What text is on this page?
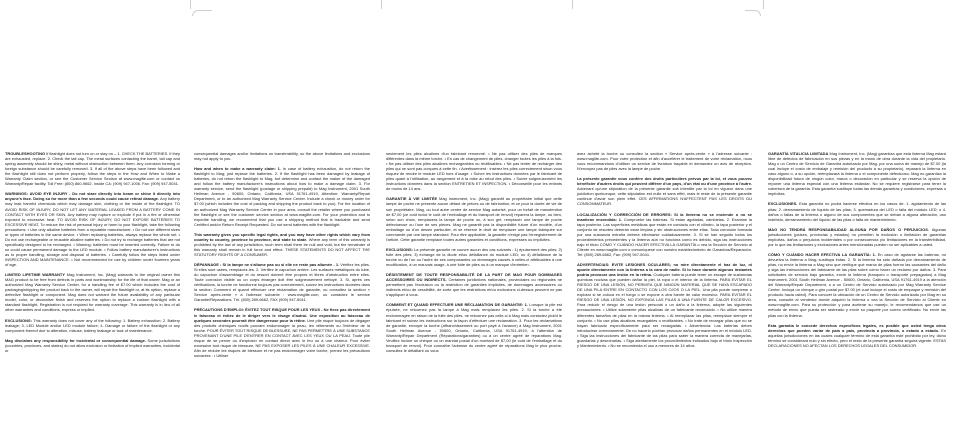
TROUBLESHOOTING If flashlight does not turn on or stay on – 1. CHECK THE BATTERIES. If they are exhausted, replace. 2. Check the tail cap. The metal surfaces contacting the barrel, tail cap and spring assembly should be shiny, metal without obstruction between them. Any corrosion forming or foreign substance should be carefully removed. 3. If all of the above steps have been followed and the flashlight still does not perform properly, follow the steps in the How and When to Make a Warranty Claim section, or see the Customer Service Section at www.maglite.com or contact us Warranty/Repair facility. Toll Free: (800) 860-9662. Inside CA: (909) 947-1006. Fax: (909) 947-5041.

WARNINGS: AVOID EYE INJURY - Do not stare directly into beam or shine it directly into anyone's face. Doing so for more than a few seconds could cause retinal damage. Any battery may leak harmful chemicals which may damage skin, clothing or the inside of the flashlight. TO AVOID RISK OF INJURY, DO NOT LET ANY MATERIAL LEAKED FROM A BATTERY COME IN CONTACT WITH EYES OR SKIN. Any battery may rupture or explode if put in a fire or otherwise exposed to excessive heat. TO AVOID RISK OF INJURY, DO NOT EXPOSE BATTERIES TO EXCESSIVE HEAT. To reduce the risk of personal injury or harm to your flashlight, take the following precautions: • Use only alkaline batteries from a reputable manufacturer. • Do not use different sizes or types of batteries in the same device. • When replacing batteries, always replace the whole set. • Do not use rechargeable or reusable alkaline batteries. • Do not try to recharge batteries that are not specifically designed to be recharged. • Warning: batteries must be inserted correctly. Failure to do so could cause permanent damage to the LED module. • Follow battery manufacturer's instructions as to proper handling, storage and disposal of batteries. • Carefully follow the steps listed under INSPECTION AND MAINTENANCE. • Not recommended for use by children under fourteen years of age.

LIMITED LIFETIME WARRANTY Mag Instrument, Inc. (Mag) warrants to the original owner this MAG product to be free from defects in parts and workmanship for the life of that owner. Mag or an authorized Mag Warranty Service Center, for a handling fee of $7.00 which includes the cost of packaging/shipping the product back to the owner, will repair the flashlight or, at its option, replace a defective flashlight or component. Mag does not warrant the future availability of any particular model, color, or decorative finish and reserves the option to replace a custom flashlight with a standard flashlight. Registration is not required for warranty coverage. This warranty is in lieu of all other warranties and conditions, express or implied.

EXCLUSIONS: This warranty does not cover any of the following: 1. Battery exhaustion; 2. Battery leakage; 3. LED Module and/or LED module failure; 4. Damage or failure of the flashlight or any component thereof due to alteration, misuse, battery leakage or lack of maintenance.

Mag disclaims any responsibility for incidental or consequential damage. Some jurisdictions (countries, provinces, and states) do not allow exclusion or limitation of implied warranties, incidental or

consequential damages and/or limitations on transferability, so the above limitations and exclusions may not apply to you.

How and when to make a warranty claim: 1. In case of battery exhaustion, do not return the flashlight to Mag; just replace the batteries. 2. If the flashlight has been damaged by leakage of batteries, do not return the flashlight to Mag, but determine and contact the maker of the damaged and follow the battery manufacturer's instructions about how to make a damage claim. 3. For warranty service, send the flashlight (postage or shipping prepaid) to Mag Instrument, 2001 South Hellman Avenue - 50600, Ontario, California, USA 91761-4919, Attention: Warranty/Repair Department, or to an authorized Mag Warranty Service Center. Include a check or money order for $7.00 (which includes the cost of packing and shipping the product back to you). For the location of an authorized Mag Warranty Service Center in your area, consult the retailer where you purchased the flashlight or see the customer service section at www.maglite.com. For your protection and to expedite handling, we recommend that you use a shipping method that is trackable and send Certified and/or Return Receipt Requested. Do not send batteries with the flashlight.

This warranty gives you specific legal rights, and you may have other rights which vary from country to country, province to province, and state to state. Where any term of this warranty is prohibited by the law of any jurisdiction, such term shall there be null and void, but the remainder of this warranty shall remain in full force and effect. THESE STATEMENTS DO NOT AFFECT THE STATUTORY RIGHTS OF A CONSUMER.

DÉPANNAGE : Si la lampe ne s'allume pas ou si elle ne reste pas allumée - 1. Vérifiez les piles. Si elles sont usées, remplacez-les. 2. Vérifiez le capuchon arrière. Les surfaces métalliques du tube, du capuchon d'assemblage et du ressort doivent être propres et libres d'obstruction entre elles. Toute corrosion visible ou un corps étranger doit être soigneusement nettoyé. 3. Si, après ces vérifications, la torche ne fonctionne toujours pas correctement, suivez les instructions données dans la section Comment et quand effectuer une réclamation de garantie, ou consultez la section « Service après-vente » à l'adresse suivante : www.maglite.com, ou contactez le service Garantie/Réparations. Tél. (800) 289-6662, FAX (909) 947-5041.

PRÉCAUTIONS D'EMPLOI: ÉVITEZ TOUT RISQUE POUR LES YEUX - Ne fixez pas directement le faisceau et évitez de le diriger vers le visage d'autrui. Une exposition au faisceau de quelques secondes pourrait être dangereuse pour la rétine. Une pile risque toujours de dégager des produits chimiques nocifs pouvant endommager la peau, les vêtements ou l'intérieur de la torche. POUR ÉVITER TOUT RISQUE DE BLESSURE, NE PAS PERMETTRE À UNE SUBSTANCE PROVENANT D'UNE PILE D'ENTRER EN CONTACT AVEC LES YEUX OU LA PEAU. Toute pile risque de se percer ou d'exploser en contact direct avec le feu ou à une chaleur. Pour éviter excessive tout risque de blessure, NE PAS EXPOSER LES PILES À UNE CHALEUR EXCESSIVE. Afin de réduire les risques de blessure et ne pas endommager votre torche, prenez les précautions suivantes : • Utiliser

seulement les piles alcalines d'un fabricant renommé. • Ne pas utiliser des piles de marques différentes dans la même torche. • En cas de changement de piles, changer toutes les piles à la fois. • Ne pas utiliser des piles alcalines rechargeables ou réutilisables. • Ne pas tenter de recharger des piles qui ne sont pas conçues à cette fin. • Avertissement : insérez les piles correctement sinon vous risquez de rendre le module LED hors d'usage. • Suivre les instructions données par le fabricant de piles quant à l'utilisation, au rangement et à la mise au rebut des piles. • Suivre soigneusement les instructions données dans la section ENTRETIEN ET INSPECTION. • Déconseillé pour les enfants de moins de 14 ans.

GARANTIE À VIE LIMITÉE Mag Instrument, Inc. (Mag) garantit au propriétaire initial que cette lampe de poche ne présente aucun défaut de pièces ou de fabrication, et ce pour la durée de vie de son propriétaire. Mag, ou tout autre centre de service Mag autorisé, pour un forfait de manutention de $7,00 (ce coût inclut le coût de l'emballage et du transport de renvoi) réparera la lampe, ou bien, selon son choix, remplacera la lampe de poche ou, à son gré, remplacer une lampe de poche défectueuse ou l'une de ses pièces. Mag ne garantit pas la disponibilité future d'un modèle, d'un emballage ou d'un dessin particulier, et se réserve le droit de remplacer une lampe fabriquée sur commande par une lampe standard. Pour être applicable, la garantie n'exige pas l'enregistrement de l'article. Cette garantie remplace toutes autres garanties et conditions, expresses ou implicites.

EXCLUSIONS: La présente garantie ne couvre aucun des cas suivants : 1) épuisement des piles; 2) fuite des piles; 3) échange de la diode et/ou défaillance du module LED; ou 4) défaillance de la torche ou de l'un ou l'autre de ses composantes ou dommages causés à celles-ci attribuables à une modification, à un mauvais usage, à une fuite de piles ou à un manque d'entretien.

DÉSISTEMENT DE TOUTE RESPONSABILITÉ DE LA PART DE MAG POUR DOMMAGES ACCESSOIRES OU INDIRECTS. Certaines juridictions nationales, provinciales ou régionales ne permettent pas l'exclusion ou la restriction de garanties implicites, de dommages accessoires ou indirects et/ou de cessibilité, de sorte que les restrictions et/ou exclusions ci-dessus peuvent ne pas s'appliquer à vous.

COMMENT ET QUAND EFFECTUER UNE RÉCLAMATION DE GARANTIE: 1. Lorsque la pile est épuisée, ne retournez pas la lampe à Mag mais remplacez les piles. 2. Si la torche a été endommagée en raison de la fuite des piles, ne retournez pas celle-ci à Mag mais contactez plutôt le fabricant et suivez les instructions sur la façon d'effectuer une réclamation. 3. Pour les réclamations de garantie, envoyer la torche (affranchissement ou port payé à l'avance) à Mag Instrument, 2001 South Hellman Avenue - 50600, Ontario, California, USA 91761-4919, à l'attention de Warranty/Repair Department (Réparations/garanties) ou à un centre agréé de réparations Mag. Veuillez inclure un chèque ou un mandat postal d'un montant de $7,00 (le coût de l'emballage et du transport de renvoi). Pour connaître l'adresse du centre agréé de réparations Mag le plus proche, consultez le détaillant où vous

avez acheté la torche ou consultez la section « Service après-vente » à l'adresse suivante : www.maglite.com. Pour votre protection et afin d'accélérer le traitement de votre réclamation, nous vous recommandons d'utiliser un service de livraison traçable et demandez un avis de réception. N'envoyez pas de piles avec la lampe de poche.

La présente garantie vous confère des droits particuliers prévus par la loi, et vous pouvez bénéficier d'autres droits qui peuvent différer d'un pays, d'un état ou d'une province à l'autre. Advenant qu'une stipulation de la présente garantie soit interdite par la loi en vigueur dans une juridiction quelconque, cette stipulation est nulle et sans effet, mais le reste de la présente garantie continue d'avoir son plein effet. CES AFFIRMATIONS N'AFFECTENT PAS LES DROITS DU CONSOMMATEUR.

LOCALIZACIÓN Y CORRECCIÓN DE ERRORES: Si la linterna no se enciende o no se mantiene encendida: 1. Compruebe las baterías. Si están agotadas, cámbielas. 2. Examine la tapa posterior. Las superficies metálicas que están en contacto con el cilindro, la tapa posterior y el conjunto de resortes deberán estar limpias y sin obstrucciones entre ellas. Toda corrosión formada por una sustancia extraña deberá eliminarse cuidadosamente. 3. Si se han seguido todos los procedimientos precedentes y la linterna aún no funciona como es debido, siga las instrucciones bajo el título CÓMO Y CUÁNDO HACER EFECTIVA LA GARANTÍA o vea la Sección de Servicio al Cliente en www.maglite.com o comuníquese con nuestro establecimiento de Garantías/Reparación. Tel: (800) 289-6662, Fax: (909) 947-5041.

ADVERTENCIAS: EVITE LESIONES OCULARES; no mire directamente el haz de luz, ni apunte directamente con la linterna a la cara de nadie. Si lo hace durante algunos instantes podría provocar una lesión en la retina. Cualquier batería puede tener un escape de sustancias químicas nocivas que pueden dañar la piel, la ropa o el interior de la linterna. PARA EVITAR EL RIESGO DE UNA LESIÓN, NO PERMITA QUE NINGÚN MATERIAL QUE SE HAYA ESCAPADO DE UNA PILA ENTRE EN CONTACTO CON LOS OJOS O LA PIEL. Una pila puede romperse o explotar si se coloca en el fuego o se expone a otra fuente de calor excesivo. PARA EVITAR EL RIESGO DE UNA LESIÓN, NO EXPONGA LAS PILAS A UNA FUENTE DE CALOR EXCESIVO. Para reducir el riesgo de una lesión personal o un daño a la linterna, adopte las siguientes precauciones: • Utilice solamente pilas alcalinas de un fabricante reconocido. • No utilice manera diferentes tamaños de pilas en la misma linterna. • Al reemplazar las pilas, reemplace siempre el conjunto. • No use pilas alcalinas recargables o reutilizables. • No trate de recargar pilas que no se hayan fabricado específicamente para ser recargadas. • Advertencia: Las baterías deben introducirse correctamente. De no hacerlo podrían provocar daños permanentes en el módulo LED. • Siga las instrucciones del fabricante de las pilas para saber la manera correcta de manejarlas, guardarlas y desecharlas. • Siga atentamente los procedimientos indicados bajo el título Inspección y Mantenimiento. • No se recomienda el uso a menores de 14 años.

GARANTÍA VITALICIA LIMITADA Mag Instrument, Inc. (Mag) garantiza que esta linterna Mag estará libre de defectos de fabricación en sus piezas y en la mano de obra durante la vida del propietario. Mag o un Centro de Servicio de Garantía autorizado por Mag, por una suma de manejo de $7.00 (la cual incluye el costo de embalaje y remisión del producto a su propietario), reparará la linterna en caso alguno o, a su opción, reemplazará la linterna o el componente defectuoso. Mag no garantiza la disponibilidad futura de ningún color, marca o decoración en particular y se reserva la opción de reponer una linterna especial con una linterna estándar. No se requiere registrarse para tener la cobertura de la garantía. Esta garantía sustituye todas las demás garantías y condiciones, expresas o implícitas.

EXCLUSIONES. Esta garantía no podrá hacerse efectiva en los casos de: 1. agotamiento de las pilas; 2. derramamiento de líquido de las pilas; 3. quemadura del LED o falla del módulo LED; o 4. daños o fallas de la linterna o alguno de sus componentes que se deban a alguna alteración, uso indebido, derramamiento del líquido de las pilas o falta de mantenimiento.

MAG NO TENDRÁ RESPONSABILIDAD ALGUNA POR DAÑOS O PERJUICIOS. Algunas jurisdicciones (países, provincias y estados) no permiten la exclusión o limitación de garantías implícitas, daños o perjuicios incidentales o por consecuencia y/o limitaciones en la transferibilidad, por lo que las limitaciones y exclusiones antes mencionadas pueden no ser aplicables a usted.

CÓMO Y CUÁNDO HACER EFECTIVA LA GARANTÍA: 1. En caso de agotarse las baterías, no devuelva la linterna a Mag; sustituya éstas. 2. Si la linterna ha sido dañada por derramamiento de pilas, no envíe la linterna a Mag sino que verifique qué marca de pilas fueron las causantes del daño y siga las instrucciones del fabricante de las pilas sobre cómo hacer un reclamo por daños. 3. Para solicitudes de servicio bajo garantía, envíe la linterna (franqueo o transporte prepagados) a Mag Instrument, 2001 South Hellman Avenue - 50600, Ontario, California, USA 91761-4919 a la atención del Warranty/Repair Department, o a un Centro de Servicio autorizado por Mag Warranty Service Center. Incluya un cheque o giro postal por $7.00 (el cual incluye el costo de empaque y remisión del producto hacia usted). Para conocer la ubicación de un Centro de Servicio autorizado por Mag en su área, consulte al vendedor donde adquirió la linterna o vea la Sección de Servicio al Cliente en www.maglite.com. Para su protección y para acelerar su manejo, le recomendamos que use un método de envío que pueda ser rastreado y envíe su paquete por correo certificado. No envíe las pilas con la linterna.

Esta garantía le concede derechos específicos legales, es posible que usted tenga otros derechos que pueden variar de país a país, provincia a provincia, o estado a estado. En aquellas jurisdicciones en las cuales cualquier término de esta garantía esté prohibido por ley, dicho término se considerará nulo y sin efecto, pero el resto de la presente garantía seguirá vigente. ESTAS DECLARACIONES NO AFECTAN LOS DERECHOS LEGALES DEL CONSUMIDOR.
